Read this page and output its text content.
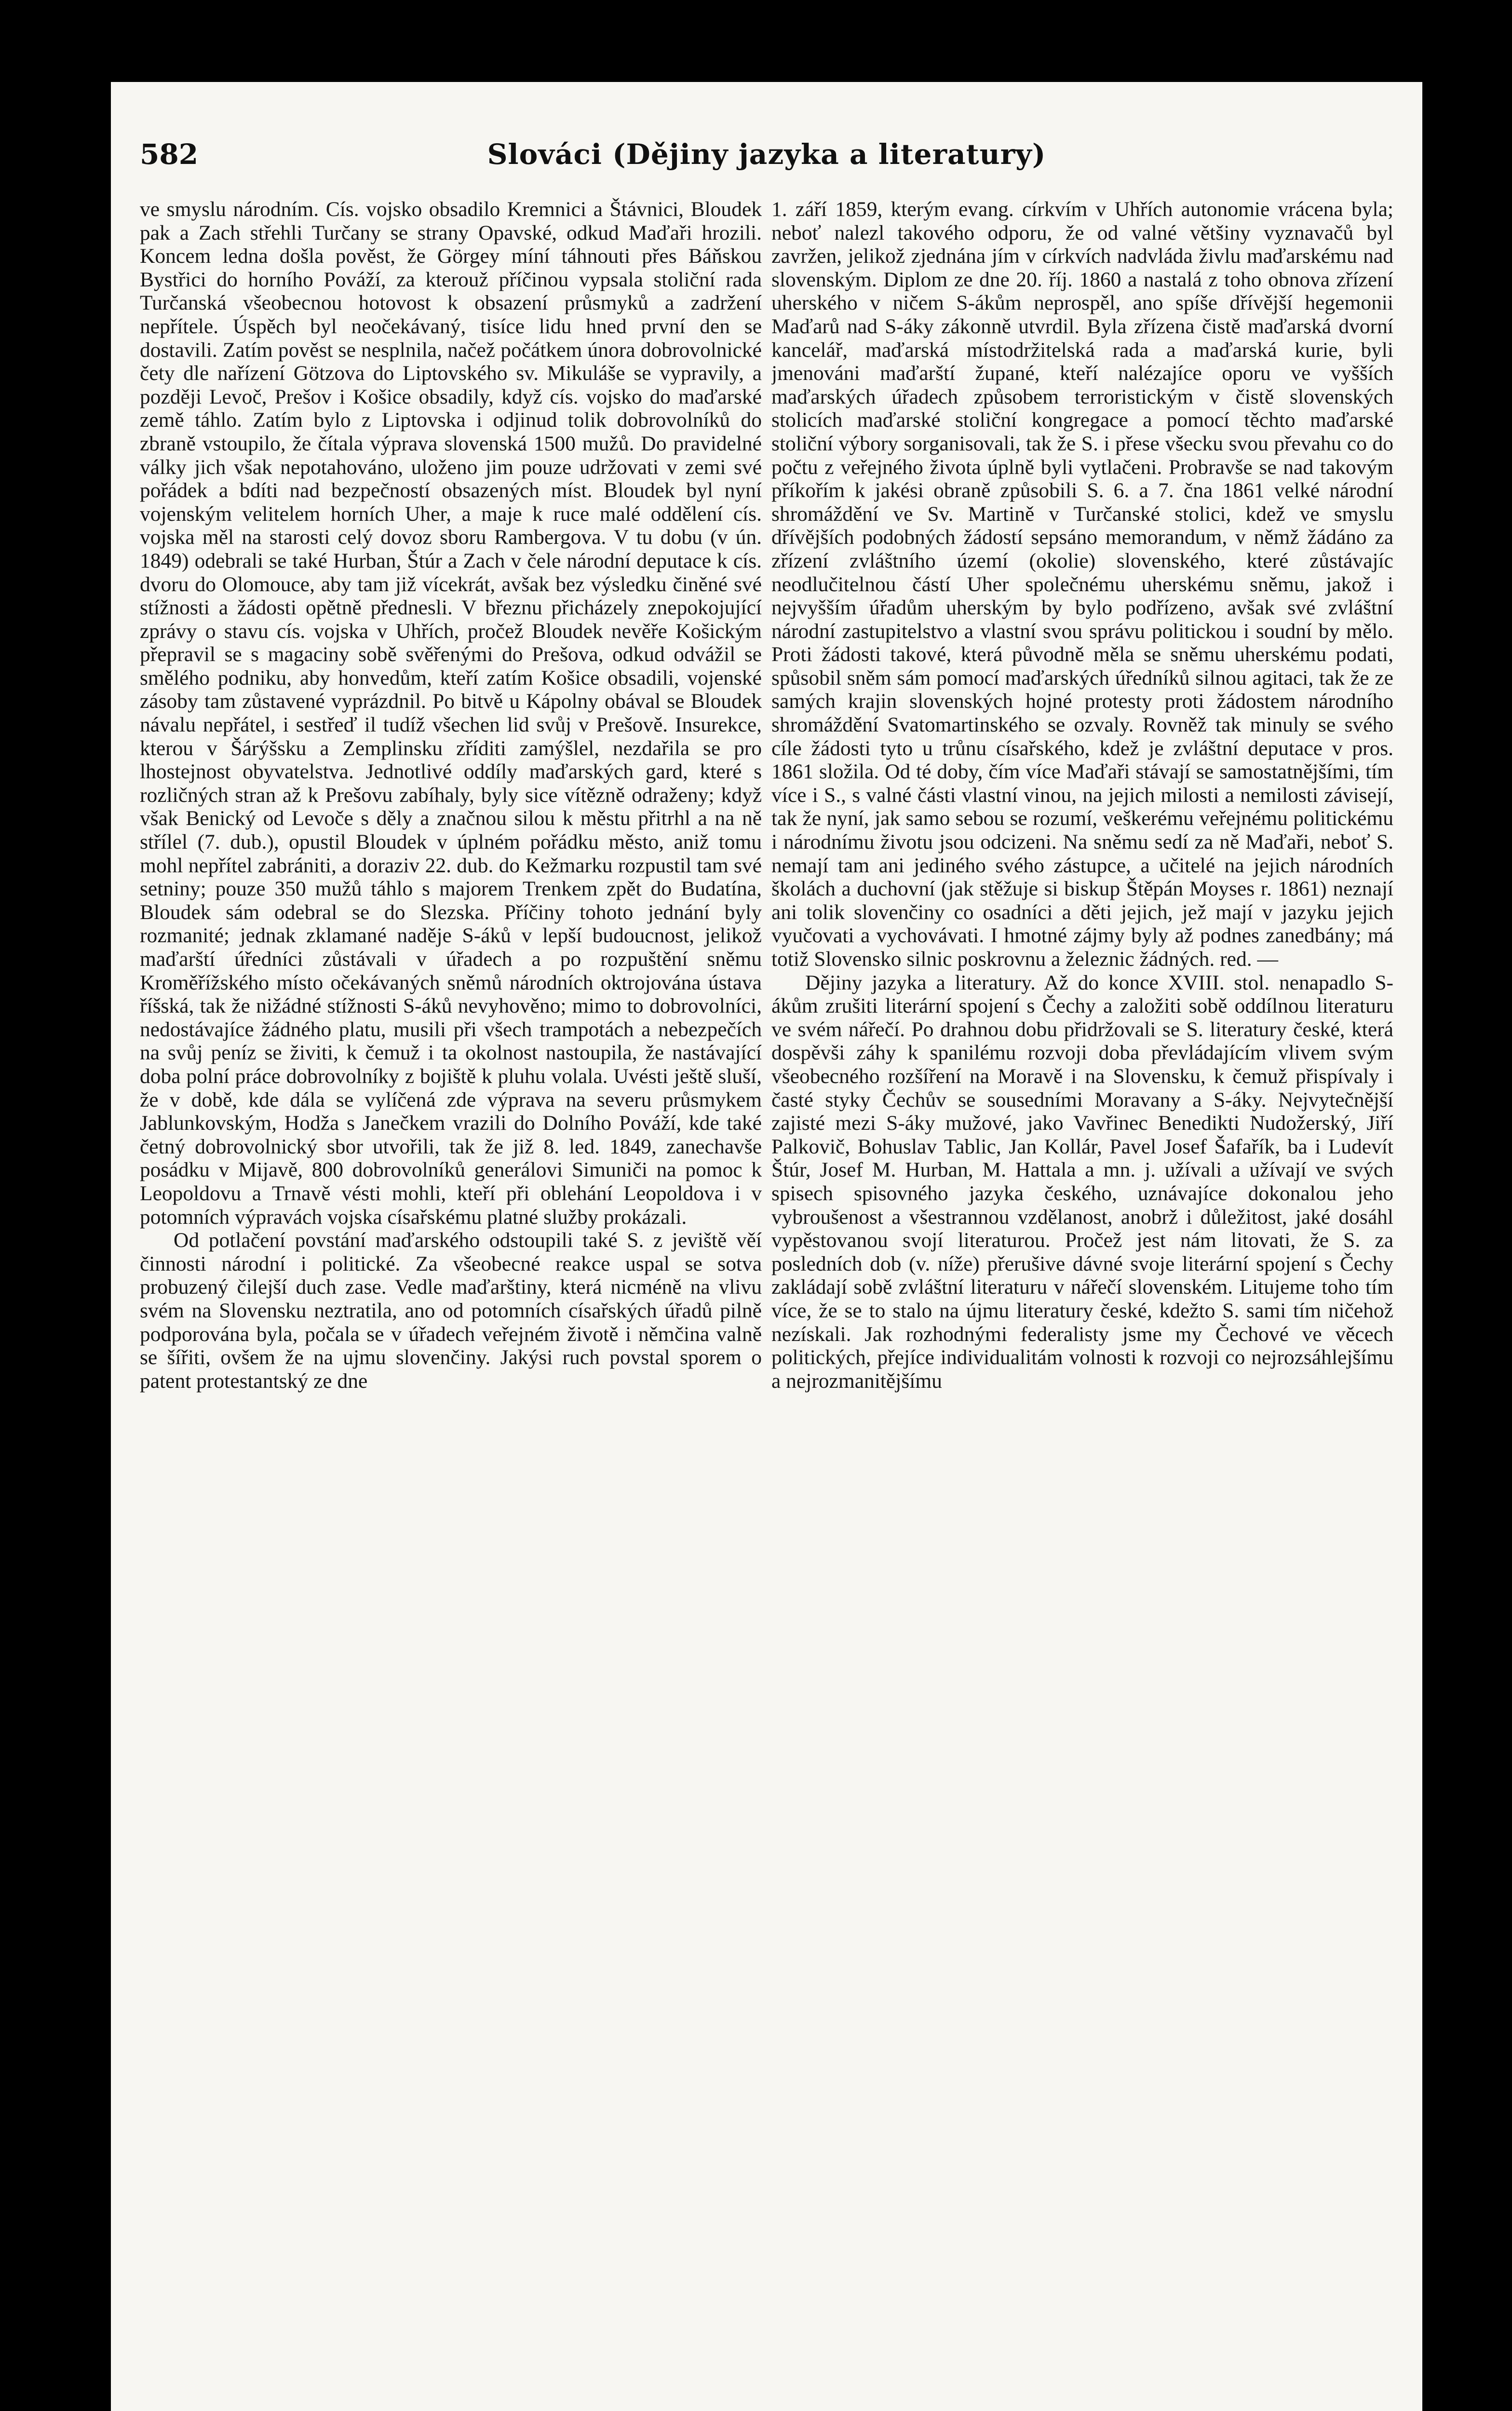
582	Slováci (Dějiny jazyka a literatury)

ve smyslu národním. Cís. vojsko obsadilo Kremnici a Štávnici, Bloudek pak a Zach střehli Turčany se strany Opavské, odkud Maďaři hrozili. Koncem ledna došla pověst, že Görgey míní táhnouti přes Báňskou Bystřici do horního Pováží, za kterouž příčinou vypsala stoliční rada Turčanská všeobecnou hotovost k obsazení průsmyků a zadržení nepřítele. Úspěch byl neočekávaný, tisíce lidu hned první den se dostavili. Zatím pověst se nesplnila, načež počátkem února dobrovolnické čety dle nařízení Götzova do Liptovského sv. Mikuláše se vypravily, a později Levoč, Prešov i Košice obsadily, když cís. vojsko do maďarské země táhlo. Zatím bylo z Liptovska i odjinud tolik dobrovolníků do zbraně vstoupilo, že čítala výprava slovenská 1500 mužů. Do pravidelné války jich však nepotahováno, uloženo jim pouze udržovati v zemi své pořádek a bdíti nad bezpečností obsazených míst. Bloudek byl nyní vojenským velitelem horních Uher, a maje k ruce malé oddělení cís. vojska měl na starosti celý dovoz sboru Rambergova. V tu dobu (v ún. 1849) odebrali se také Hurban, Štúr a Zach v čele národní deputace k cís. dvoru do Olomouce, aby tam již vícekrát, avšak bez výsledku činěné své stížnosti a žádosti opětně přednesli. V březnu přicházely znepokojující zprávy o stavu cís. vojska v Uhřích, pročež Bloudek nevěře Košickým přepravil se s magaciny sobě svěřenými do Prešova, odkud odvážil se smělého podniku, aby honvedům, kteří zatím Košice obsadili, vojenské zásoby tam zůstavené vyprázdnil. Po bitvě u Kápolny obával se Bloudek návalu nepřátel, i sestřeď il tudíž všechen lid svůj v Prešově. Insurekce, kterou v Šárýšsku a Zemplinsku zříditi zamýšlel, nezdařila se pro lhostejnost obyvatelstva. Jednotlivé oddíly maďarských gard, které s rozličných stran až k Prešovu zabíhaly, byly sice vítězně odraženy; když však Benický od Levoče s děly a značnou silou k městu přitrhl a na ně střílel (7. dub.), opustil Bloudek v úplném pořádku město, aniž tomu mohl nepřítel zabrániti, a doraziv 22. dub. do Kežmarku rozpustil tam své setniny; pouze 350 mužů táhlo s majorem Trenkem zpět do Budatína, Bloudek sám odebral se do Slezska. Příčiny tohoto jednání byly rozmanité; jednak zklamané naděje S-áků v lepší budoucnost, jelikož maďarští úředníci zůstávali v úřadech a po rozpuštění sněmu Kroměřížského místo očekávaných sněmů národních oktrojována ústava říšská, tak že nižádné stížnosti S-áků nevyhověno; mimo to dobrovolníci, nedostávajíce žádného platu, musili při všech trampotách a nebezpečích na svůj peníz se živiti, k čemuž i ta okolnost nastoupila, že nastávající doba polní práce dobrovolníky z bojiště k pluhu volala. Uvésti ještě sluší, že v době, kde dála se vylíčená zde výprava na severu průsmykem Jablunkovským, Hodža s Janečkem vrazili do Dolního Pováží, kde také četný dobrovolnický sbor utvořili, tak že již 8. led. 1849, zanechavše posádku v Mijavě, 800 dobrovolníků generálovi Simuniči na pomoc k Leopoldovu a Trnavě vésti mohli, kteří při oblehání Leopoldova i v potomních výpravách vojska císařskému platné služby prokázali.

Od potlačení povstání maďarského odstoupili také S. z jeviště věí činnosti národní i politické. Za všeobecné reakce uspal se sotva probuzený čilejší duch zase. Vedle maďarštiny, která nicméně na vlivu svém na Slovensku neztratila, ano od potomních císařských úřadů pilně podporována byla, počala se v úřadech veřejném životě i němčina valně se šířiti, ovšem že na ujmu slovenčiny. Jakýsi ruch povstal sporem o patent protestantský ze dne

1. září 1859, kterým evang. církvím v Uhřích autonomie vrácena byla; neboť nalezl takového odporu, že od valné většiny vyznavačů byl zavržen, jelikož zjednána jím v církvích nadvláda živlu maďarskému nad slovenským. Diplom ze dne 20. říj. 1860 a nastalá z toho obnova zřízení uherského v ničem S-ákům neprospěl, ano spíše dřívější hegemonii Maďarů nad S-áky zákonně utvrdil. Byla zřízena čistě maďarská dvorní kancelář, maďarská místodržitelská rada a maďarská kurie, byli jmenováni maďarští župané, kteří nalézajíce oporu ve vyšších maďarských úřadech způsobem terroristickým v čistě slovenských stolicích maďarské stoliční kongregace a pomocí těchto maďarské stoliční výbory sorganisovali, tak že S. i přese všecku svou převahu co do počtu z veřejného života úplně byli vytlačeni. Probravše se nad takovým příkořím k jakési obraně způsobili S. 6. a 7. čna 1861 velké národní shromáždění ve Sv. Martině v Turčanské stolici, kdež ve smyslu dřívějších podobných žádostí sepsáno memorandum, v němž žádáno za zřízení zvláštního území (okolie) slovenského, které zůstávajíc neodlučitelnou částí Uher společnému uherskému sněmu, jakož i nejvyšším úřadům uherským by bylo podřízeno, avšak své zvláštní národní zastupitelstvo a vlastní svou správu politickou i soudní by mělo. Proti žádosti takové, která původně měla se sněmu uherskému podati, spůsobil sněm sám pomocí maďarských úředníků silnou agitaci, tak že ze samých krajin slovenských hojné protesty proti žádostem národního shromáždění Svatomartinského se ozvaly. Rovněž tak minuly se svého cíle žádosti tyto u trůnu císařského, kdež je zvláštní deputace v pros. 1861 složila. Od té doby, čím více Maďaři stávají se samostatnějšími, tím více i S., s valné části vlastní vinou, na jejich milosti a nemilosti závisejí, tak že nyní, jak samo sebou se rozumí, veškerému veřejnému politickému i národnímu životu jsou odcizeni. Na sněmu sedí za ně Maďaři, neboť S. nemají tam ani jediného svého zástupce, a učitelé na jejich národních školách a duchovní (jak stěžuje si biskup Štěpán Moyses r. 1861) neznají ani tolik slovenčiny co osadníci a děti jejich, jež mají v jazyku jejich vyučovati a vychovávati. I hmotné zájmy byly až podnes zanedbány; má totiž Slovensko silnic poskrovnu a železnic žádných. red. —

Dějiny jazyka a literatury. Až do konce XVIII. stol. nenapadlo S-ákům zrušiti literární spojení s Čechy a založiti sobě oddílnou literaturu ve svém nářečí. Po drahnou dobu přidržovali se S. literatury české, která dospěvši záhy k spanilému rozvoji doba převládajícím vlivem svým všeobecného rozšíření na Moravě i na Slovensku, k čemuž přispívaly i časté styky Čechův se sousedními Moravany a S-áky. Nejvytečnější zajisté mezi S-áky mužové, jako Vavřinec Benedikti Nudožerský, Jiří Palkovič, Bohuslav Tablic, Jan Kollár, Pavel Josef Šafařík, ba i Ludevít Štúr, Josef M. Hurban, M. Hattala a mn. j. užívali a užívají ve svých spisech spisovného jazyka českého, uznávajíce dokonalou jeho vybroušenost a všestrannou vzdělanost, anobrž i důležitost, jaké dosáhl vypěstovanou svojí literaturou. Pročež jest nám litovati, že S. za posledních dob (v. níže) přerušive dávné svoje literární spojení s Čechy zakládají sobě zvláštní literaturu v nářečí slovenském. Litujeme toho tím více, že se to stalo na újmu literatury české, kdežto S. sami tím ničehož nezískali. Jak rozhodnými federalisty jsme my Čechové ve věcech politických, přejíce individualitám volnosti k rozvoji co nejrozsáhlejšímu a nejrozmanitějšímu
